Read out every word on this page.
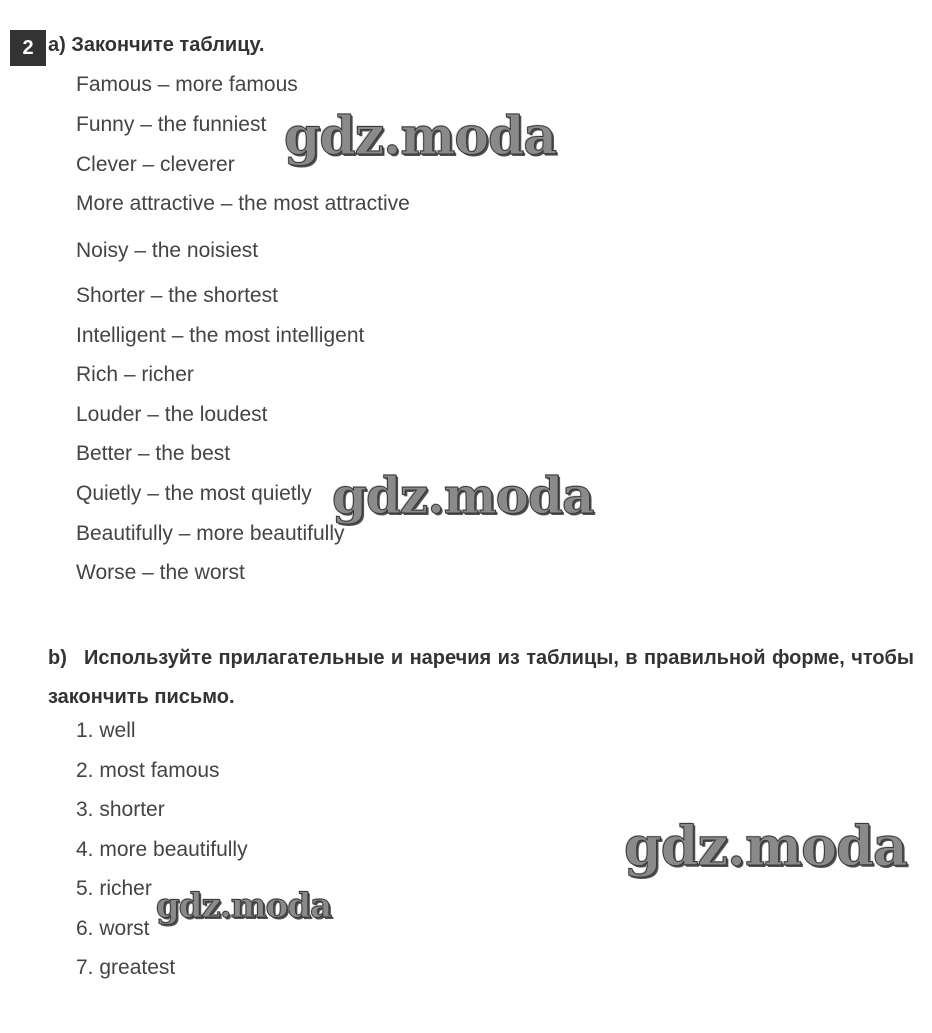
2 a) Закончите таблицу.
Famous – more famous
Funny – the funniest
Clever – cleverer
More attractive – the most attractive
Noisy – the noisiest
Shorter – the shortest
Intelligent – the most intelligent
Rich – richer
Louder – the loudest
Better – the best
Quietly – the most quietly
Beautifully – more beautifully
Worse – the worst
b) Используйте прилагательные и наречия из таблицы, в правильной форме, чтобы закончить письмо.
1. well
2. most famous
3. shorter
4. more beautifully
5. richer
6. worst
7. greatest
gdz.moda
gdz.moda
gdz.moda
gdz.moda
